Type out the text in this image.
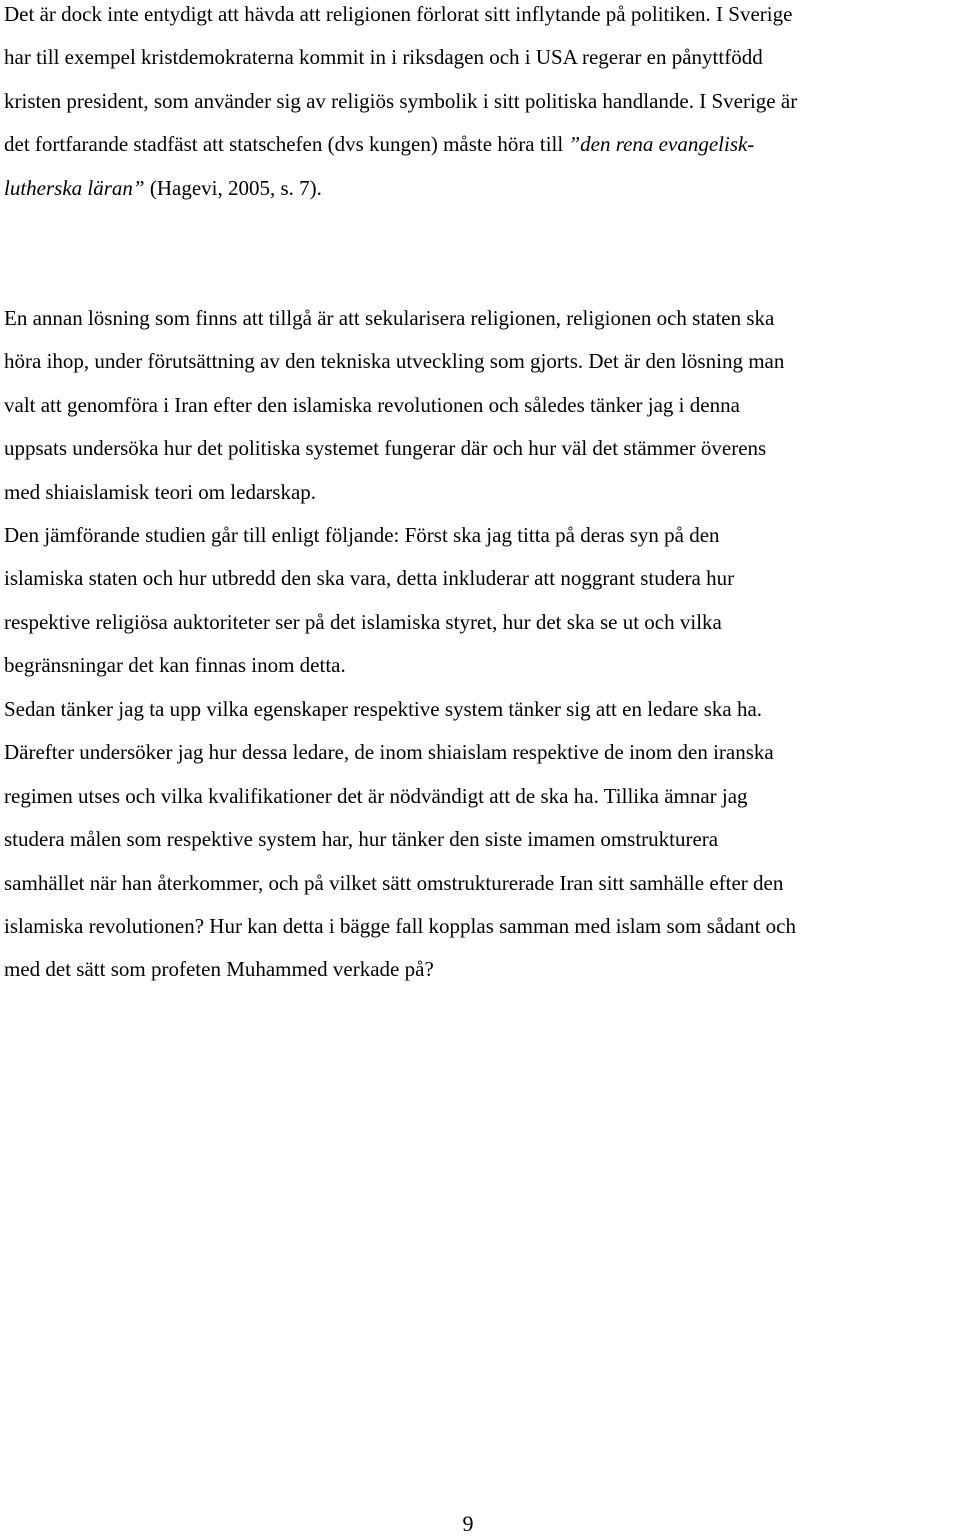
Det är dock inte entydigt att hävda att religionen förlorat sitt inflytande på politiken. I Sverige
har till exempel kristdemokraterna kommit in i riksdagen och i USA regerar en pånyttfödd
kristen president, som använder sig av religiös symbolik i sitt politiska handlande. I Sverige är
det fortfarande stadfäst att statschefen (dvs kungen) måste höra till ”den rena evangelisk-
lutherska läran” (Hagevi, 2005, s. 7).

En annan lösning som finns att tillgå är att sekularisera religionen, religionen och staten ska
höra ihop, under förutsättning av den tekniska utveckling som gjorts. Det är den lösning man
valt att genomföra i Iran efter den islamiska revolutionen och således tänker jag i denna
uppsats undersöka hur det politiska systemet fungerar där och hur väl det stämmer överens
med shiaislamisk teori om ledarskap.

Den jämförande studien går till enligt följande: Först ska jag titta på deras syn på den
islamiska staten och hur utbredd den ska vara, detta inkluderar att noggrant studera hur
respektive religiösa auktoriteter ser på det islamiska styret, hur det ska se ut och vilka
begränsningar det kan finnas inom detta.

Sedan tänker jag ta upp vilka egenskaper respektive system tänker sig att en ledare ska ha.
Därefter undersöker jag hur dessa ledare, de inom shiaislam respektive de inom den iranska
regimen utses och vilka kvalifikationer det är nödvändigt att de ska ha. Tillika ämnar jag
studera målen som respektive system har, hur tänker den siste imamen omstrukturera
samhället när han återkommer, och på vilket sätt omstrukturerade Iran sitt samhälle efter den
islamiska revolutionen? Hur kan detta i bägge fall kopplas samman med islam som sådant och
med det sätt som profeten Muhammed verkade på?

9
